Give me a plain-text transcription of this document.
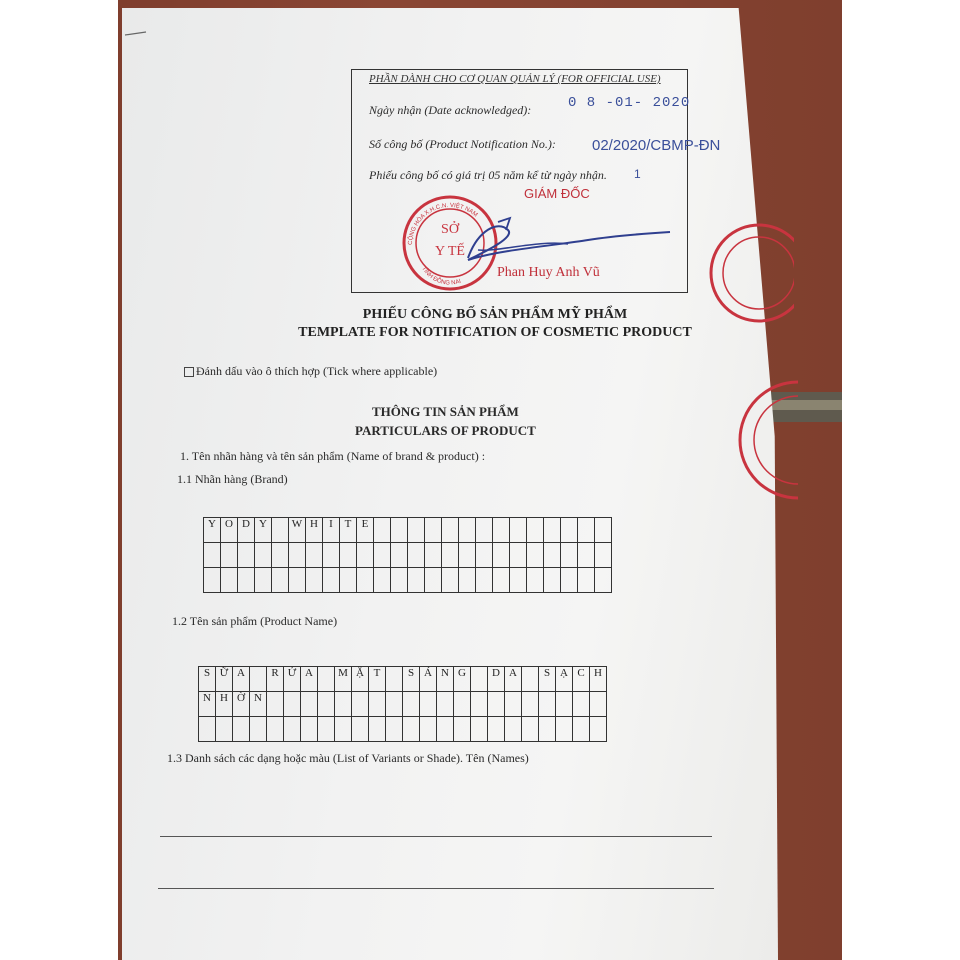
PHẦN DÀNH CHO CƠ QUAN QUẢN LÝ (FOR OFFICIAL USE)
Ngày nhận (Date acknowledged):	0 8 -01- 2020
Số công bố (Product Notification No.): 02/2020/CBMP-ĐN
Phiếu công bố có giá trị 05 năm kể từ ngày nhận. 1
SỞ
Y TẾ
CỘNG HÒA X.H.C.N. VIỆT NAM
TỈNH ĐỒNG NAI
GIÁM ĐỐC
Phan Huy Anh Vũ
PHIẾU CÔNG BỐ SẢN PHẨM MỸ PHẨM
TEMPLATE FOR NOTIFICATION OF COSMETIC PRODUCT
Đánh dấu vào ô thích hợp (Tick where applicable)
THÔNG TIN SẢN PHẨM
PARTICULARS OF PRODUCT
1. Tên nhãn hàng và tên sản phẩm (Name of brand & product) :
1.1 Nhãn hàng (Brand)
Y	O	D	Y		W	H	I	T	E														

1.2 Tên sản phẩm (Product Name)
S	Ữ	A		R	Ử	A		M	Ặ	T		S	Á	N	G		D	A		S	Ạ	C	H
N	H	Ờ	N																				

1.3 Danh sách các dạng hoặc màu (List of Variants or Shade). Tên (Names)
